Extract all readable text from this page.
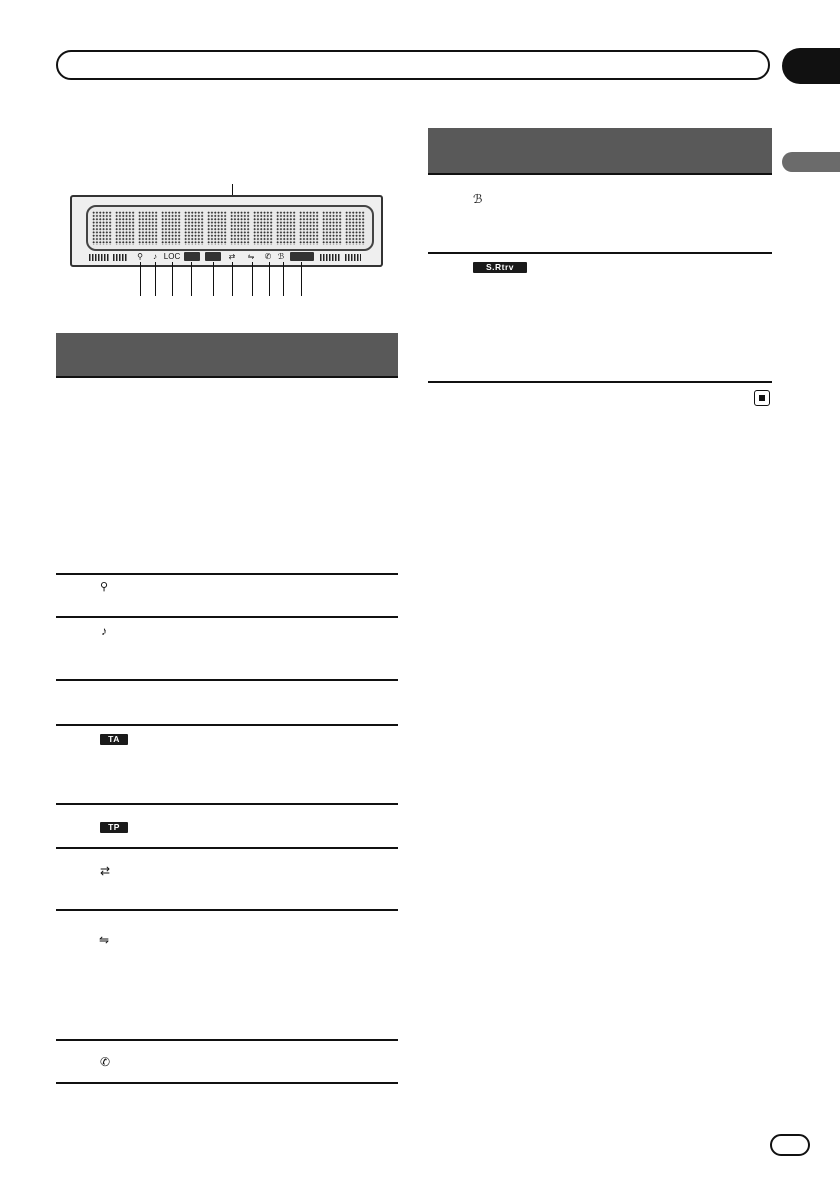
⚲	♪ LOC	⇄	⇋	✆ ℬ
⚲
♪
TA
TP
⇄
⇋
✆
ℬ
S.Rtrv
